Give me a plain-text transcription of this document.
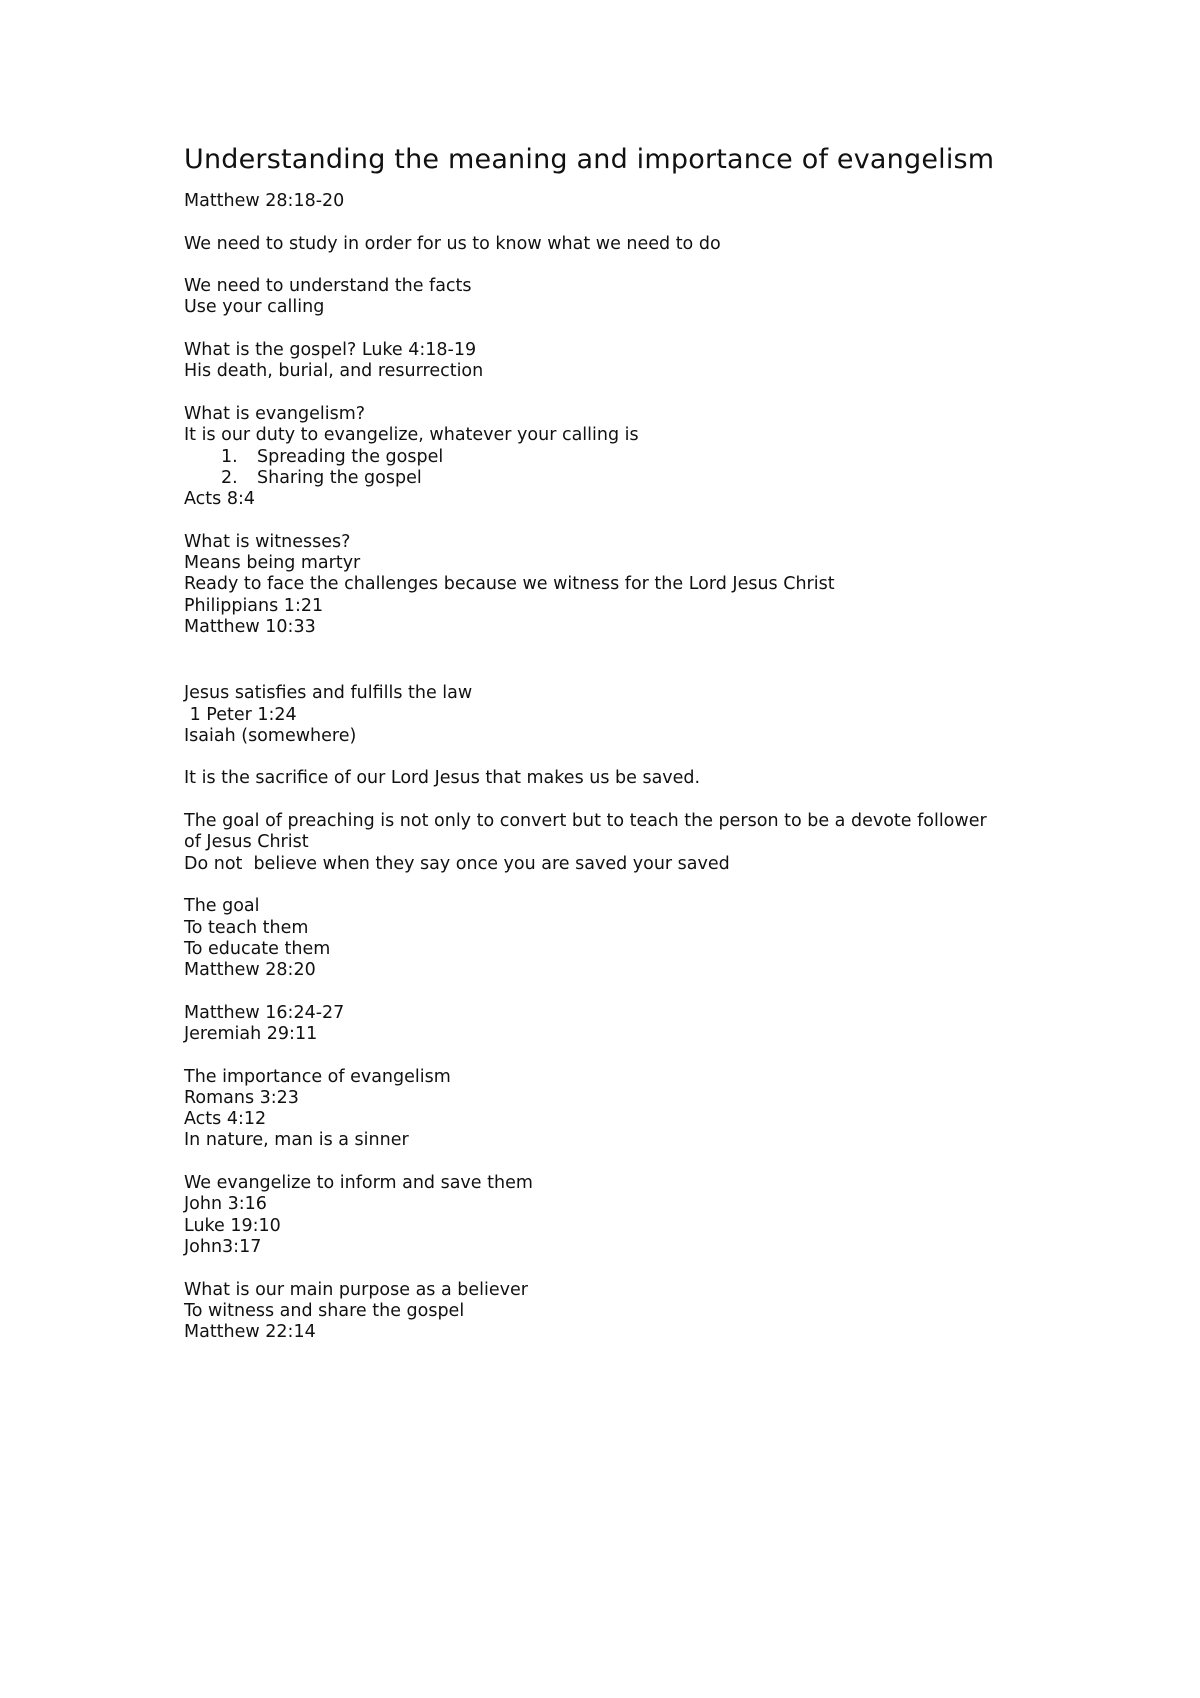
Understanding the meaning and importance of evangelism
Matthew 28:18-20
We need to study in order for us to know what we need to do
We need to understand the facts
Use your calling
What is the gospel? Luke 4:18-19
His death, burial, and resurrection
What is evangelism?
It is our duty to evangelize, whatever your calling is
1.	Spreading the gospel
2.	Sharing the gospel
Acts 8:4
What is witnesses?
Means being martyr
Ready to face the challenges because we witness for the Lord Jesus Christ
Philippians 1:21
Matthew 10:33
Jesus satisfies and fulfills the law
1 Peter 1:24
Isaiah (somewhere)
It is the sacrifice of our Lord Jesus that makes us be saved.
The goal of preaching is not only to convert but to teach the person to be a devote follower
of Jesus Christ
Do not  believe when they say once you are saved your saved
The goal
To teach them
To educate them
Matthew 28:20
Matthew 16:24-27
Jeremiah 29:11
The importance of evangelism
Romans 3:23
Acts 4:12
In nature, man is a sinner
We evangelize to inform and save them
John 3:16
Luke 19:10
John3:17
What is our main purpose as a believer
To witness and share the gospel
Matthew 22:14
